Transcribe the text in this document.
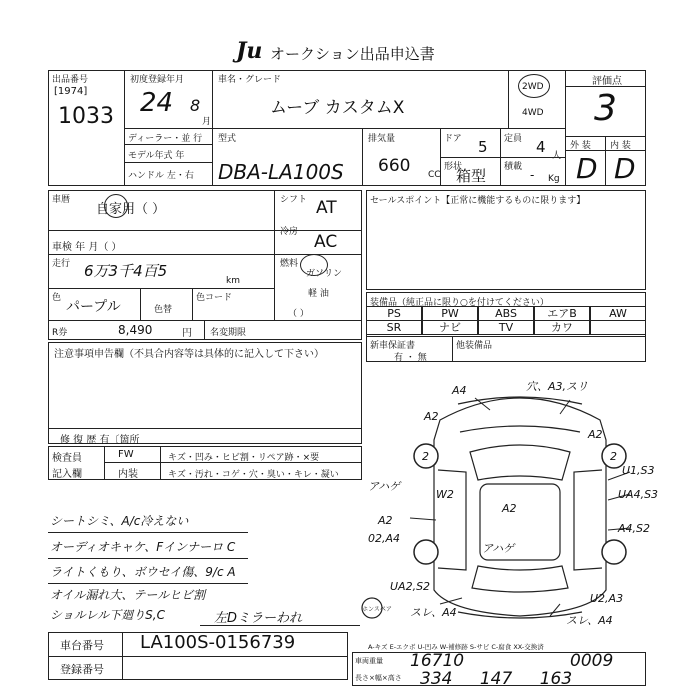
Ju オークション出品申込書
出品番号
[1974]
1033
初度登録年月
24 8
月
車名・グレード
ムーブ カスタムX
2WD
4WD
評価点
3
外 装 内 装
D D
ディーラー・並 行
モデル年式 年
ハンドル 左・右
型式
DBA-LA100S
排気量
660 CC
ドア 5 定員 4 人
形状
箱型 積載
- Kg
車暦
自家用（ ）
シフト AT
車検 年 月（ ）
冷房 AC
走行 6万3千4百5
km
燃料
ガソリン
軽 油
（ ）
色
パープル	色替
色コード
R券	8,490	円 名変期限
セールスポイント【正常に機能するものに限ります】
装備品（純正品に限り○を付けてください）
PS	PW	ABS	エアB	AW
SR	ナビ	TV	カワ
新車保証書
有 ・ 無
他装備品
注意事項申告欄（不具合内容等は具体的に記入して下さい）
修 復 歴 有〔箇所
検査員
記入欄
FW	キズ・凹み・ヒビ割・リペア跡・×要
内装	キズ・汚れ・コゲ・穴・臭い・キレ・凝い
シートシミ、A/c冷えない
オーディオキャケ、Fインナーロ C
ライトくもり、ボウセイ傷、9/c A
オイル漏れ大、テールヒビ割
ショルレル下廻りS,C	左Dミラーわれ
車台番号 LA100S-0156739
登録番号
A-キズ E-エクボ U-凹み W-補修跡 S-サビ C-腐食 XX-交換済
車両重量
長さ×幅×高さ
16710	0009
334 147 163
A4	穴、A3,スリ
A2
A2
U1,S3
UA4,S3
A4,S2
アハゲ
W2
A2
A2
02,A4
アハゲ
UA2,S2
U2,A3
スレ、A4
スレ、A4
2	2
ホンスペア
